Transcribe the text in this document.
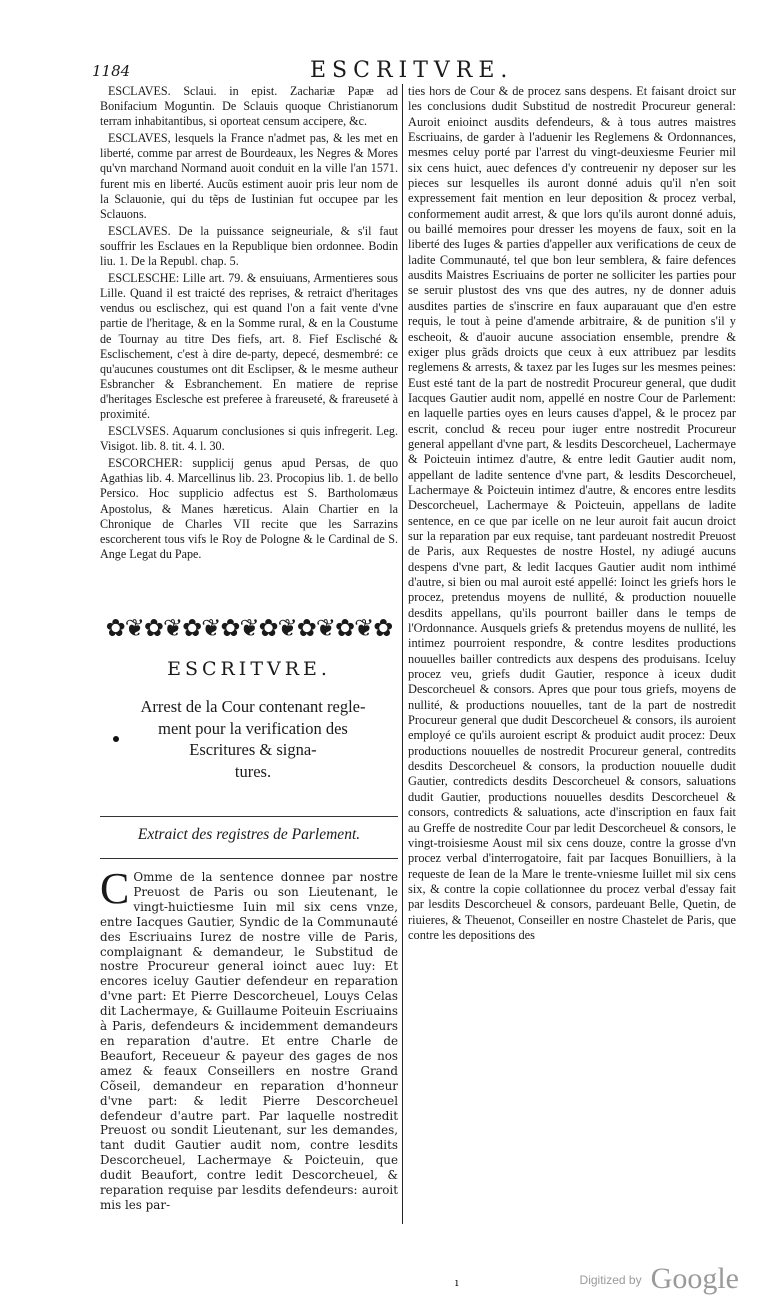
1184	ESCRITVRE.

ESCLAVES. Sclaui. in epist. Zachariæ Papæ ad Bonifacium Moguntin. De Sclauis quoque Christianorum terram inhabitantibus, si oporteat censum accipere, &c.

ESCLAVES, lesquels la France n'admet pas, & les met en liberté, comme par arrest de Bourdeaux, les Negres & Mores qu'vn marchand Normand auoit conduit en la ville l'an 1571. furent mis en liberté. Aucũs estiment auoir pris leur nom de la Sclauonie, qui du tẽps de Iustinian fut occupee par les Sclauons.

ESCLAVES. De la puissance seigneuriale, & s'il faut souffrir les Esclaues en la Republique bien ordonnee. Bodin liu. 1. De la Republ. chap. 5.

ESCLESCHE: Lille art. 79. & ensuiuans, Armentieres sous Lille. Quand il est traicté des reprises, & retraict d'heritages vendus ou esclischez, qui est quand l'on a fait vente d'vne partie de l'heritage, & en la Somme rural, & en la Coustume de Tournay au titre Des fiefs, art. 8. Fief Esclisché & Esclischement, c'est à dire de-party, depecé, desmembré: ce qu'aucunes coustumes ont dit Esclipser, & le mesme autheur Esbrancher & Esbranchement. En matiere de reprise d'heritages Esclesche est preferee à frareuseté, & frareuseté à proximité.

ESCLVSES. Aquarum conclusiones si quis infregerit. Leg. Visigot. lib. 8. tit. 4. l. 30.

ESCORCHER: supplicij genus apud Persas, de quo Agathias lib. 4. Marcellinus lib. 23. Procopius lib. 1. de bello Persico. Hoc supplicio adfectus est S. Bartholomæus Apostolus, & Manes hæreticus. Alain Chartier en la Chronique de Charles VII recite que les Sarrazins escorcherent tous vifs le Roy de Pologne & le Cardinal de S. Ange Legat du Pape.

✿❦✿❦✿❦✿❦✿❦✿❦✿❦✿
ESCRITVRE.
Arrest de la Cour contenant regle-
ment pour la verification des
Escritures & signa-
tures.
Extraict des registres de Parlement.
C Omme de la sentence donnee par nostre Preuost de Paris ou son Lieutenant, le vingt-huictiesme Iuin mil six cens vnze, entre Iacques Gautier, Syndic de la Communauté des Escriuains Iurez de nostre ville de Paris, complaignant & demandeur, le Substitud de nostre Procureur general ioinct auec luy: Et encores iceluy Gautier defendeur en reparation d'vne part: Et Pierre Descorcheuel, Louys Celas dit Lachermaye, & Guillaume Poiteuin Escriuains à Paris, defendeurs & incidemment demandeurs en reparation d'autre. Et entre Charle de Beaufort, Receueur & payeur des gages de nos amez & feaux Conseillers en nostre Grand Cõseil, demandeur en reparation d'honneur d'vne part: & ledit Pierre Descorcheuel defendeur d'autre part. Par laquelle nostredit Preuost ou sondit Lieutenant, sur les demandes, tant dudit Gautier audit nom, contre lesdits Descorcheuel, Lachermaye & Poicteuin, que dudit Beaufort, contre ledit Descorcheuel, & reparation requise par lesdits defendeurs: auroit mis les par-

ties hors de Cour & de procez sans despens. Et faisant droict sur les conclusions dudit Substitud de nostredit Procureur general: Auroit enioinct ausdits defendeurs, & à tous autres maistres Escriuains, de garder à l'aduenir les Reglemens & Ordonnances, mesmes celuy porté par l'arrest du vingt-deuxiesme Feurier mil six cens huict, auec defences d'y contreuenir ny deposer sur les pieces sur lesquelles ils auront donné aduis qu'il n'en soit expressement fait mention en leur deposition & procez verbal, conformement audit arrest, & que lors qu'ils auront donné aduis, ou baillé memoires pour dresser les moyens de faux, soit en la liberté des Iuges & parties d'appeller aux verifications de ceux de ladite Communauté, tel que bon leur semblera, & faire defences ausdits Maistres Escriuains de porter ne solliciter les parties pour se seruir plustost des vns que des autres, ny de donner aduis ausdites parties de s'inscrire en faux auparauant que d'en estre requis, le tout à peine d'amende arbitraire, & de punition s'il y escheoit, & d'auoir aucune association ensemble, prendre & exiger plus grãds droicts que ceux à eux attribuez par lesdits reglemens & arrests, & taxez par les Iuges sur les mesmes peines: Eust esté tant de la part de nostredit Procureur general, que dudit Iacques Gautier audit nom, appellé en nostre Cour de Parlement: en laquelle parties oyes en leurs causes d'appel, & le procez par escrit, conclud & receu pour iuger entre nostredit Procureur general appellant d'vne part, & lesdits Descorcheuel, Lachermaye & Poicteuin intimez d'autre, & entre ledit Gautier audit nom, appellant de ladite sentence d'vne part, & lesdits Descorcheuel, Lachermaye & Poicteuin intimez d'autre, & encores entre lesdits Descorcheuel, Lachermaye & Poicteuin, appellans de ladite sentence, en ce que par icelle on ne leur auroit fait aucun droict sur la reparation par eux requise, tant pardeuant nostredit Preuost de Paris, aux Requestes de nostre Hostel, ny adiugé aucuns despens d'vne part, & ledit Iacques Gautier audit nom inthimé d'autre, si bien ou mal auroit esté appellé: Ioinct les griefs hors le procez, pretendus moyens de nullité, & production nouuelle desdits appellans, qu'ils pourront bailler dans le temps de l'Ordonnance. Ausquels griefs & pretendus moyens de nullité, les intimez pourroient respondre, & contre lesdites productions nouuelles bailler contredicts aux despens des produisans. Iceluy procez veu, griefs dudit Gautier, responce à iceux dudit Descorcheuel & consors. Apres que pour tous griefs, moyens de nullité, & productions nouuelles, tant de la part de nostredit Procureur general que dudit Descorcheuel & consors, ils auroient employé ce qu'ils auroient escript & produict audit procez: Deux productions nouuelles de nostredit Procureur general, contredits desdits Descorcheuel & consors, la production nouuelle dudit Gautier, contredicts desdits Descorcheuel & consors, saluations dudit Gautier, productions nouuelles desdits Descorcheuel & consors, contredicts & saluations, acte d'inscription en faux fait au Greffe de nostredite Cour par ledit Descorcheuel & consors, le vingt-troisiesme Aoust mil six cens douze, contre la grosse d'vn procez verbal d'interrogatoire, fait par Iacques Bonuilliers, à la requeste de Iean de la Mare le trente-vniesme Iuillet mil six cens six, & contre la copie collationnee du procez verbal d'essay fait par lesdits Descorcheuel & consors, pardeuant Belle, Quetin, de riuieres, & Theuenot, Conseiller en nostre Chastelet de Paris, que contre les depositions des

ı	$^{Digitized by}$ Google
